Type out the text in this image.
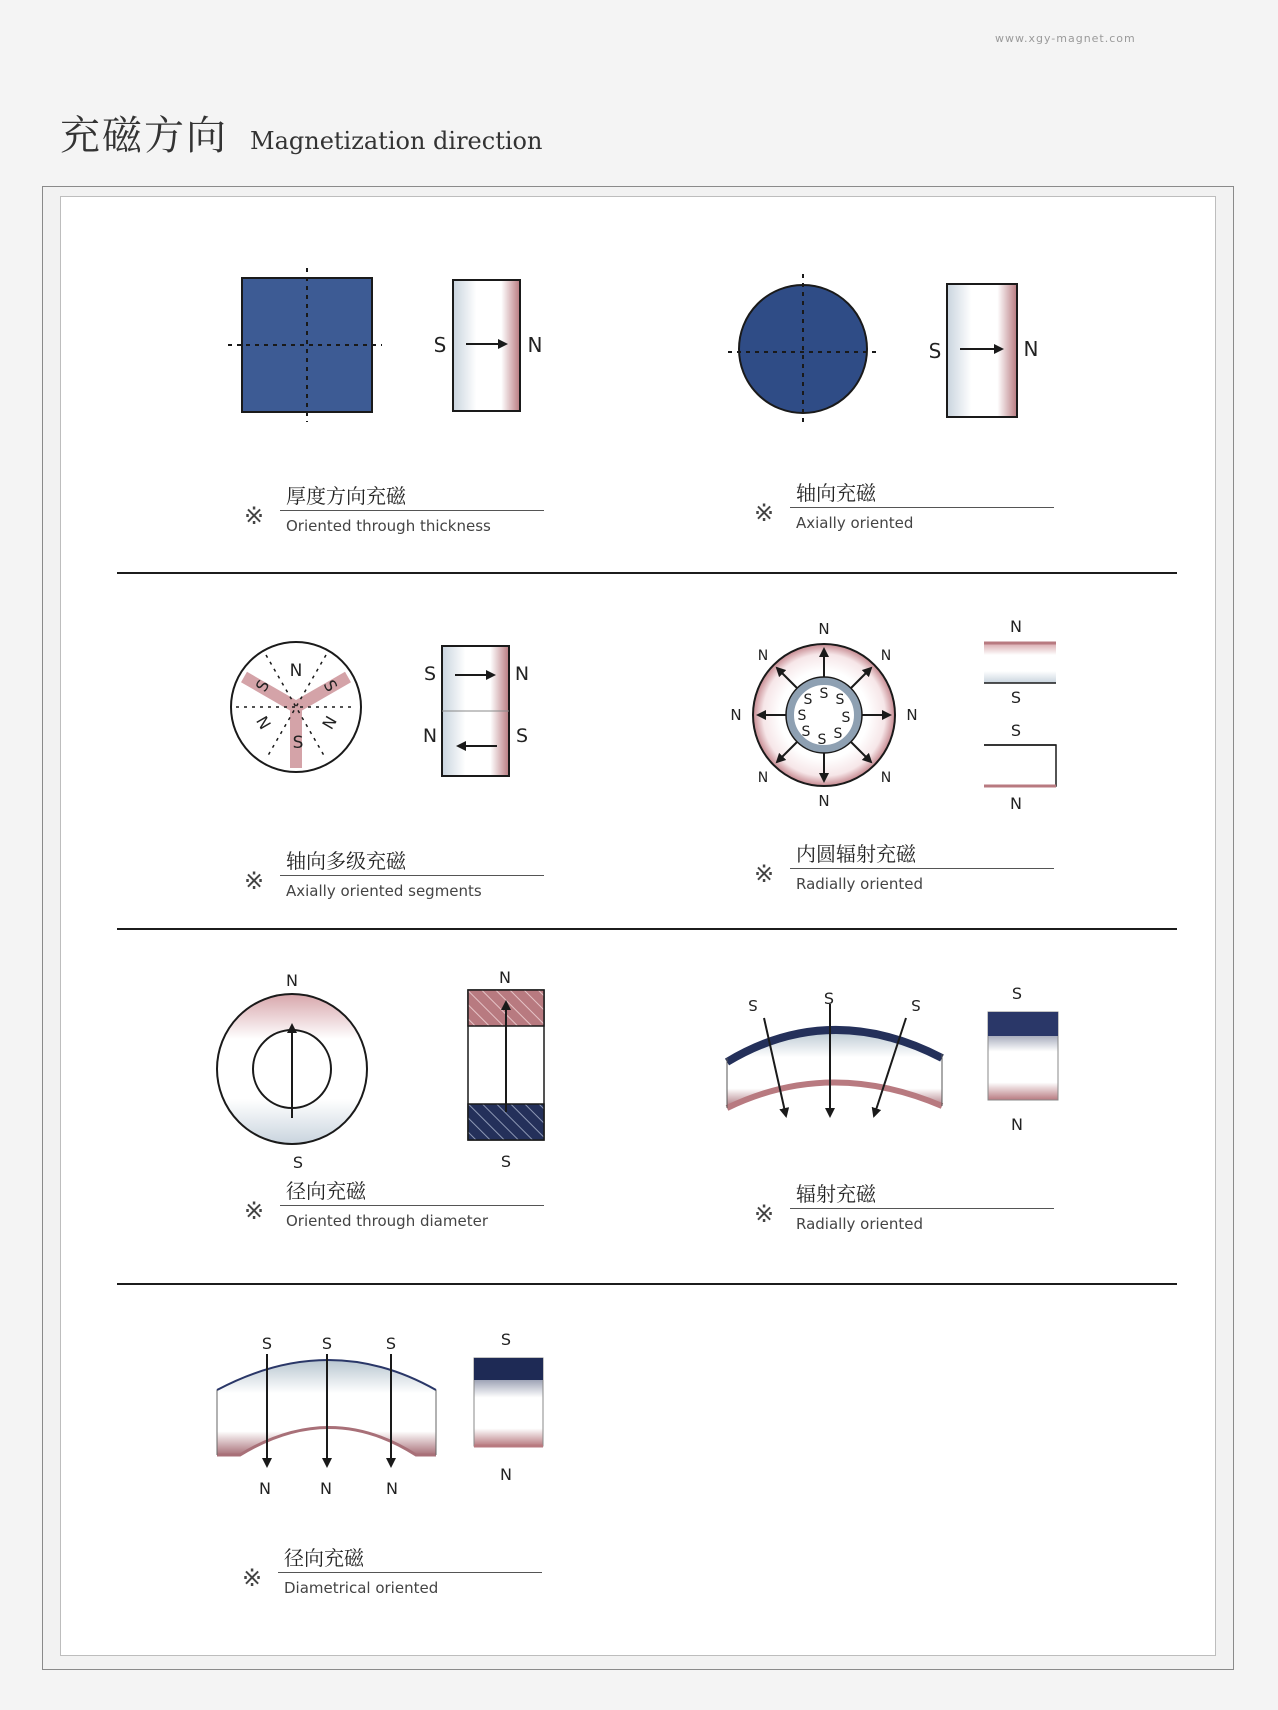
www.xgy-magnet.com
充磁方向 Magnetization direction
S	N	S	N
N
S
S	S
N	N
S	N
N	S
S S
S
S
S
S
S
S
N
N
N	N
N	N
N	N
N
S
S
N
N
S
N
S
S	S	S
S
N
S	S	S
N	N	N
S
N
※
厚度方向充磁
Oriented through thickness	※
轴向充磁
Axially oriented
※
轴向多级充磁
Axially oriented segments
※
内圆辐射充磁
Radially oriented
※
径向充磁
Oriented through diameter	※
辐射充磁
Radially oriented
※
径向充磁
Diametrical oriented
